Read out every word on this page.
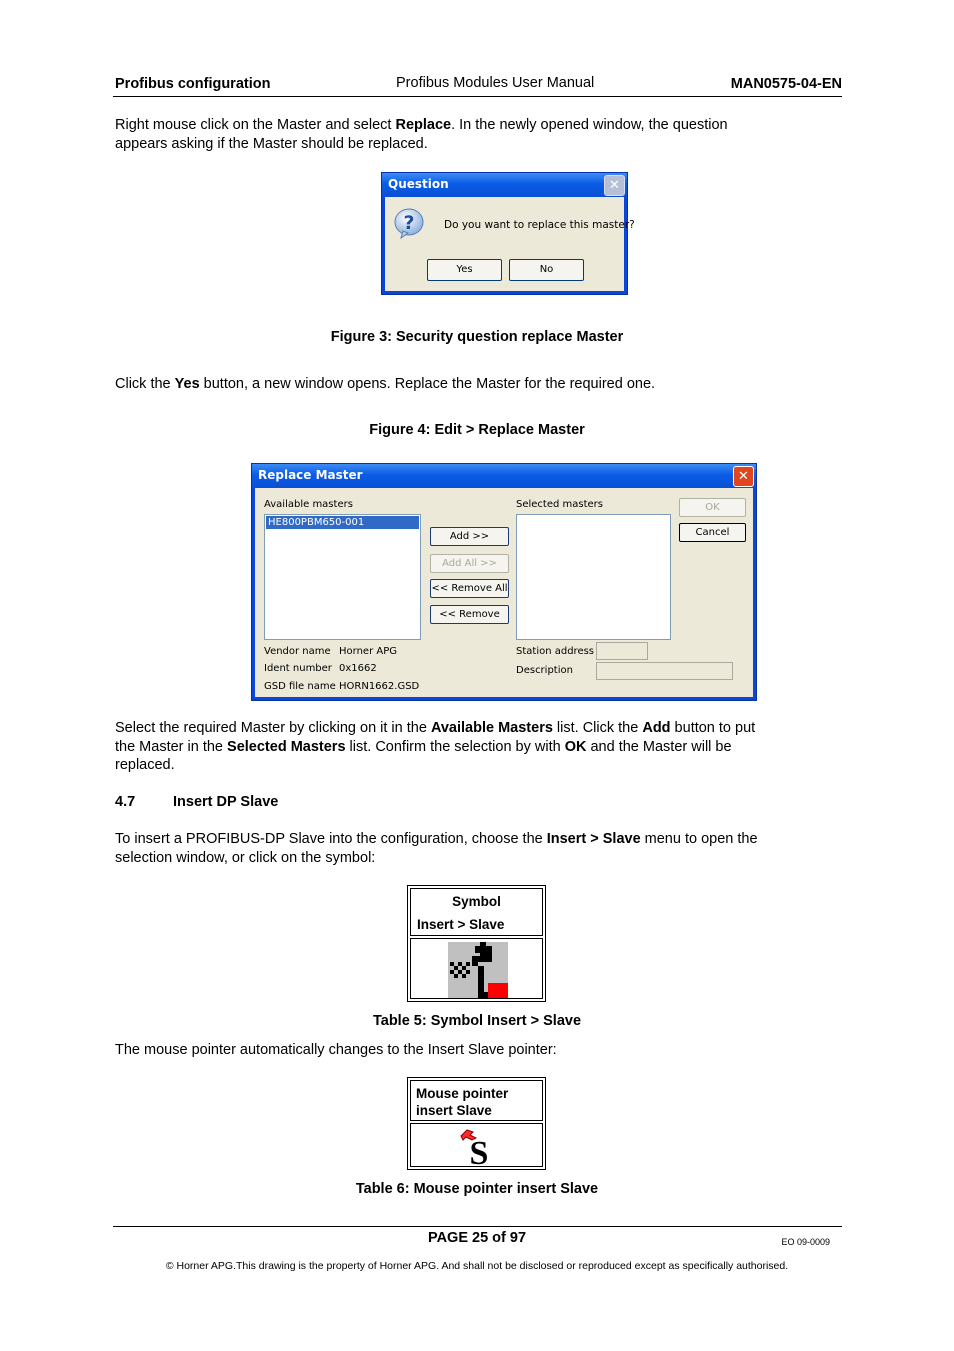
Profibus configuration	Profibus Modules User Manual	MAN0575-04-EN
Right mouse click on the Master and select Replace. In the newly opened window, the question
appears asking if the Master should be replaced.
Question	✕
?	Do you want to replace this master?
Yes	No
Figure 3: Security question replace Master
Click the Yes button, a new window opens. Replace the Master for the required one.
Figure 4: Edit > Replace Master
Replace Master	✕
Available masters
HE800PBM650-001
Add >>
Add All >>
<< Remove All
<< Remove
Selected masters	OK
Cancel
Vendor name Horner APG
Ident number 0x1662
GSD file name HORN1662.GSD
Station address
Description
Select the required Master by clicking on it in the Available Masters list. Click the Add button to put
the Master in the Selected Masters list. Confirm the selection by with OK and the Master will be
replaced.
4.7	Insert DP Slave
To insert a PROFIBUS-DP Slave into the configuration, choose the Insert > Slave menu to open the
selection window, or click on the symbol:
Symbol
Insert > Slave
Table 5: Symbol Insert > Slave
The mouse pointer automatically changes to the Insert Slave pointer:
Mouse pointer
insert Slave
S
Table 6: Mouse pointer insert Slave
PAGE 25 of 97	EO 09-0009
© Horner APG.This drawing is the property of Horner APG. And shall not be disclosed or reproduced except as specifically authorised.
